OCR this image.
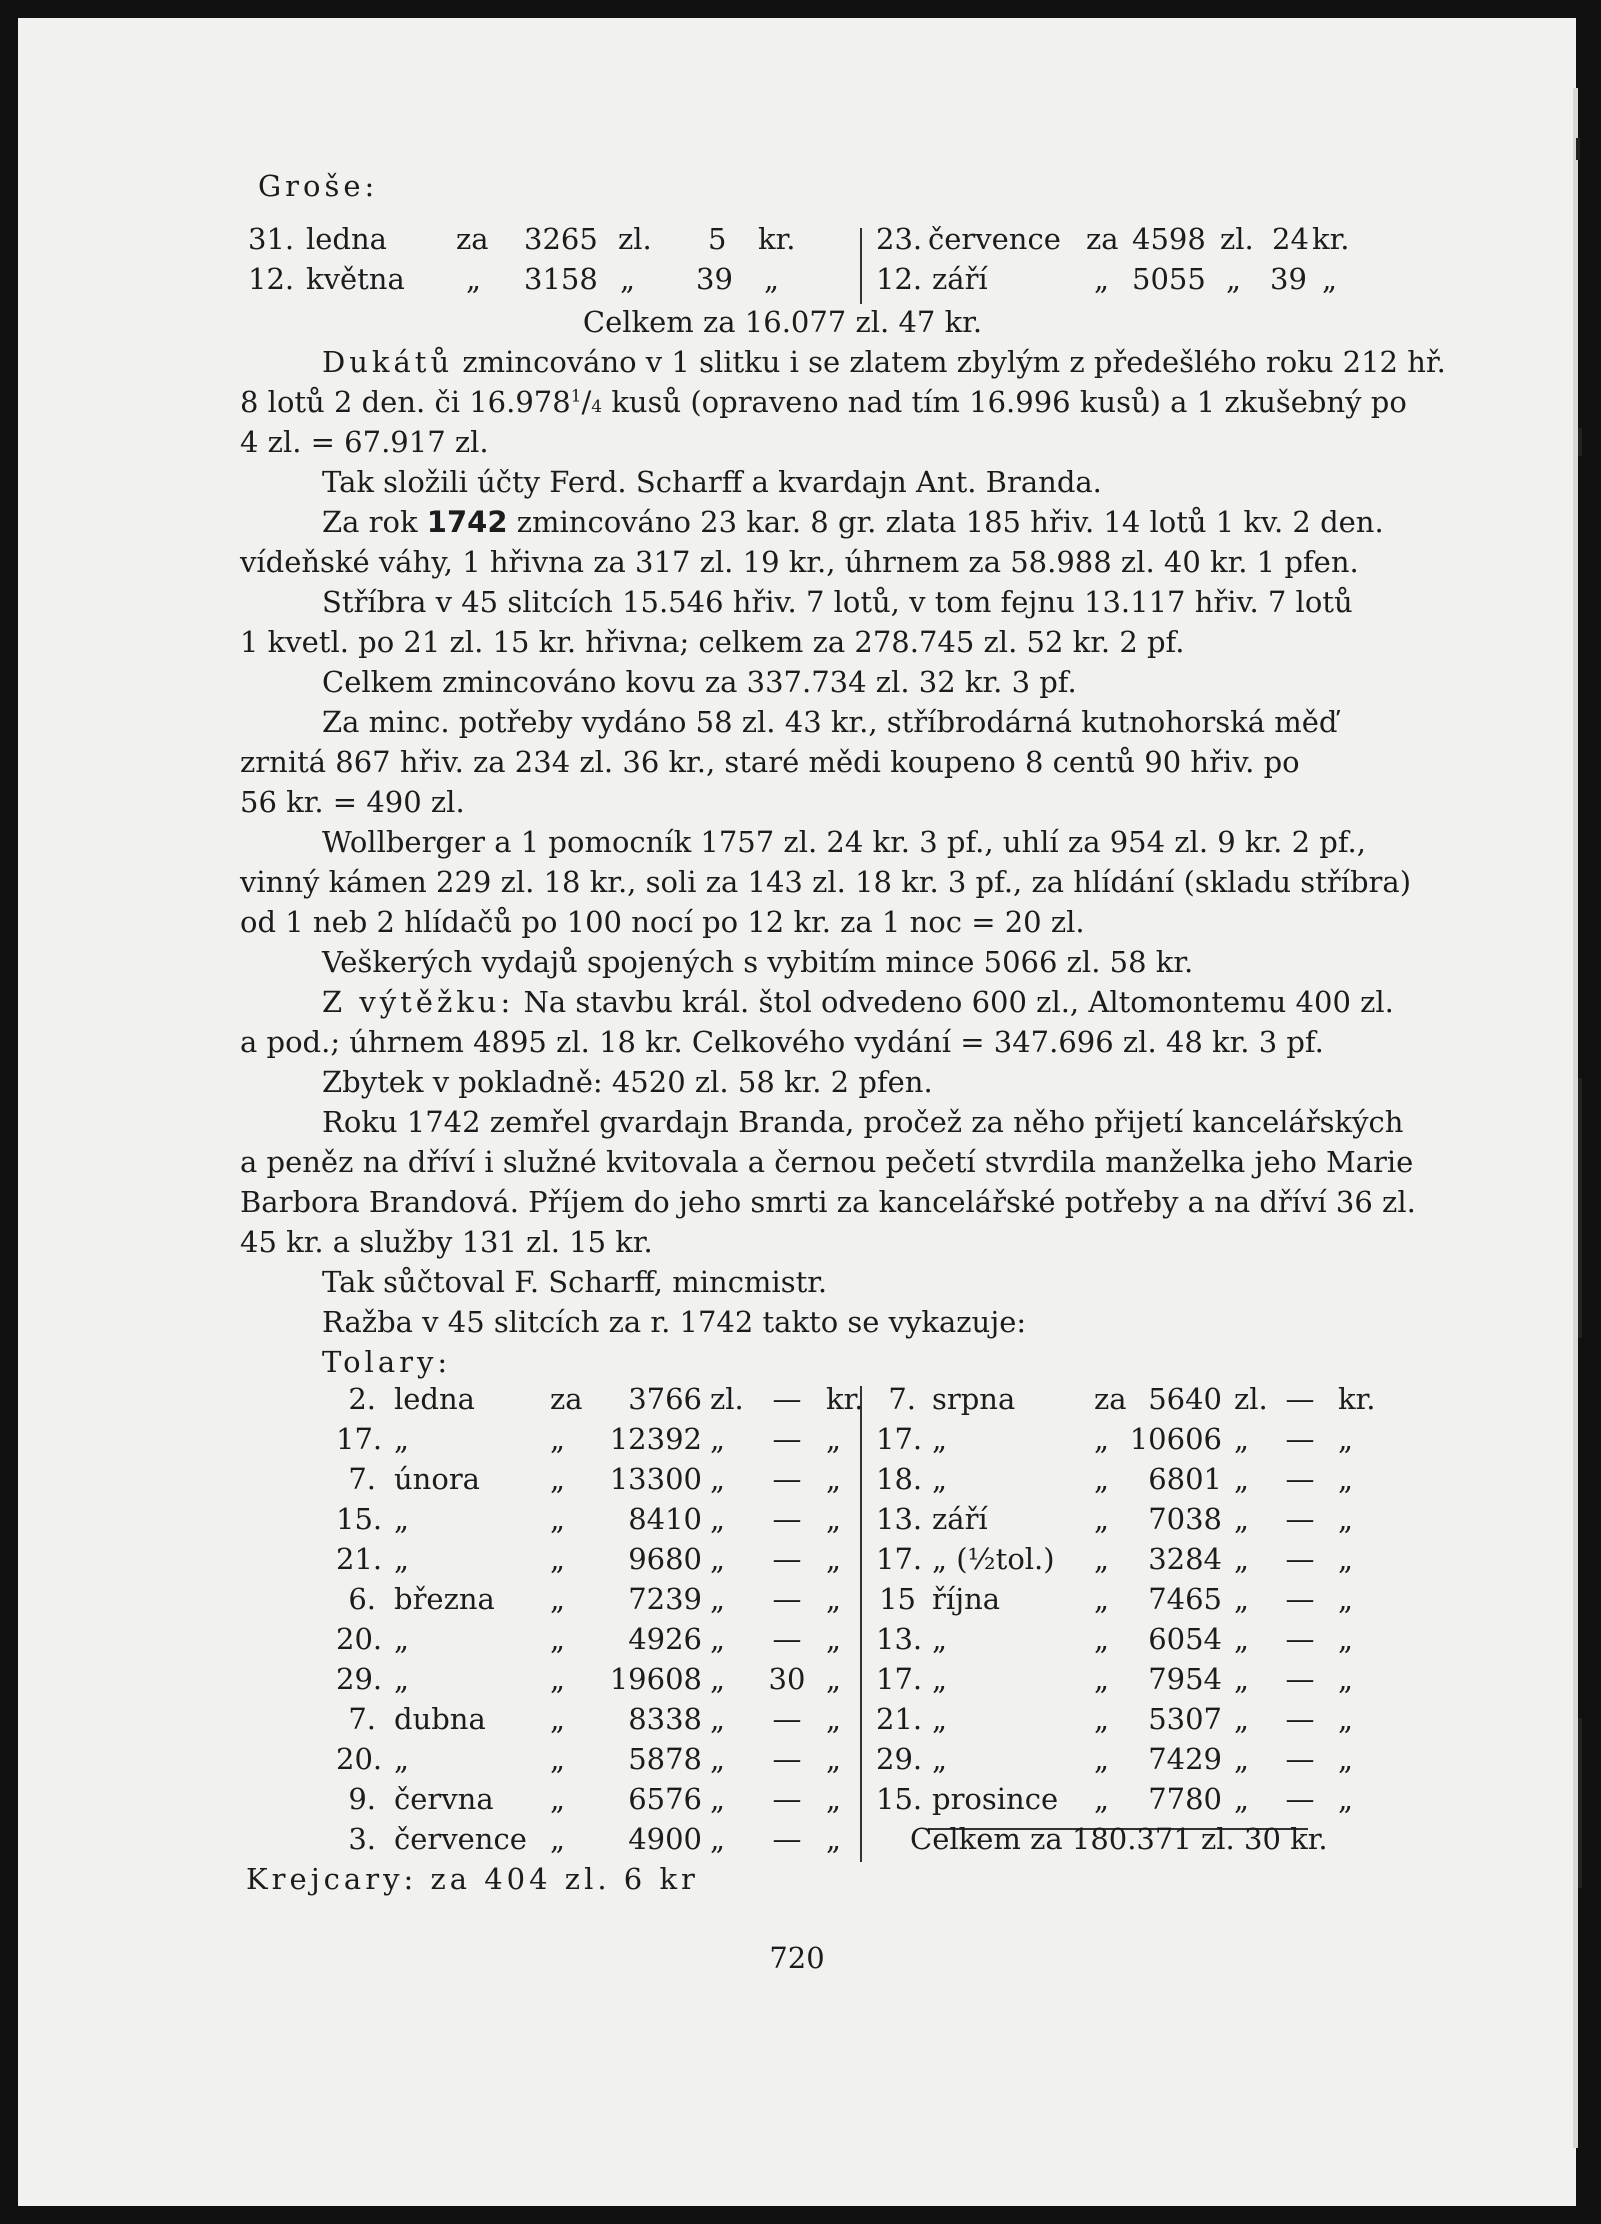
Groše:
31. ledna za 3265 zl. 5 kr.	23. července za 4598 zl. 24 kr.
12. května „ 3158 „ 39 „	12. září	„ 5055 „ 39 „
Celkem za 16.077 zl. 47 kr.
Dukátů zmincováno v 1 slitku i se zlatem zbylým z předešlého roku 212 hř.
8 lotů 2 den. či 16.978$^1$/4 kusů (opraveno nad tím 16.996 kusů) a 1 zkušebný po
4 zl. = 67.917 zl.
Tak složili účty Ferd. Scharff a kvardajn Ant. Branda.
Za rok 1742 zmincováno 23 kar. 8 gr. zlata 185 hřiv. 14 lotů 1 kv. 2 den.
vídeňské váhy, 1 hřivna za 317 zl. 19 kr., úhrnem za 58.988 zl. 40 kr. 1 pfen.
Stříbra v 45 slitcích 15.546 hřiv. 7 lotů, v tom fejnu 13.117 hřiv. 7 lotů
1 kvetl. po 21 zl. 15 kr. hřivna; celkem za 278.745 zl. 52 kr. 2 pf.
Celkem zmincováno kovu za 337.734 zl. 32 kr. 3 pf.
Za minc. potřeby vydáno 58 zl. 43 kr., stříbrodárná kutnohorská měď
zrnitá 867 hřiv. za 234 zl. 36 kr., staré mědi koupeno 8 centů 90 hřiv. po
56 kr. = 490 zl.
Wollberger a 1 pomocník 1757 zl. 24 kr. 3 pf., uhlí za 954 zl. 9 kr. 2 pf.,
vinný kámen 229 zl. 18 kr., soli za 143 zl. 18 kr. 3 pf., za hlídání (skladu stříbra)
od 1 neb 2 hlídačů po 100 nocí po 12 kr. za 1 noc = 20 zl.
Veškerých vydajů spojených s vybitím mince 5066 zl. 58 kr.
Z výtěžku: Na stavbu král. štol odvedeno 600 zl., Altomontemu 400 zl.
a pod.; úhrnem 4895 zl. 18 kr. Celkového vydání = 347.696 zl. 48 kr. 3 pf.
Zbytek v pokladně: 4520 zl. 58 kr. 2 pfen.
Roku 1742 zemřel gvardajn Branda, pročež za něho přijetí kancelářských
a peněz na dříví i služné kvitovala a černou pečetí stvrdila manželka jeho Marie
Barbora Brandová. Příjem do jeho smrti za kancelářské potřeby a na dříví 36 zl.
45 kr. a služby 131 zl. 15 kr.
Tak sůčtoval F. Scharff, mincmistr.
Ražba v 45 slitcích za r. 1742 takto se vykazuje:
Tolary:
2. ledna	za	3766 zl. — kr.
17. „	„ 12392 „	— „
7. února „ 13300 „	— „
15. „	„	8410 „	— „
21. „	„	9680 „	— „
6. března „	7239 „	— „
20. „	„	4926 „	— „
29. „	„ 19608 „ 30 „
7. dubna „	8338 „	— „
20. „	„	5878 „	— „
9. června „	6576 „	— „
3. července „	4900 „	— „
7. srpna	za 5640 zl. — kr.
17. „	„ 10606 „ — „
18. „	„	6801 „ — „
13. září	„	7038 „ — „
17. „ (½tol.) „	3284 „ — „
15 října	„	7465 „ — „
13. „	„	6054 „ — „
17. „	„	7954 „ — „
21. „	„	5307 „ — „
29. „	„	7429 „ — „
15. prosince „	7780 „ — „
Celkem za 180.371 zl. 30 kr.
Krejcary: za 404 zl. 6 kr
720
